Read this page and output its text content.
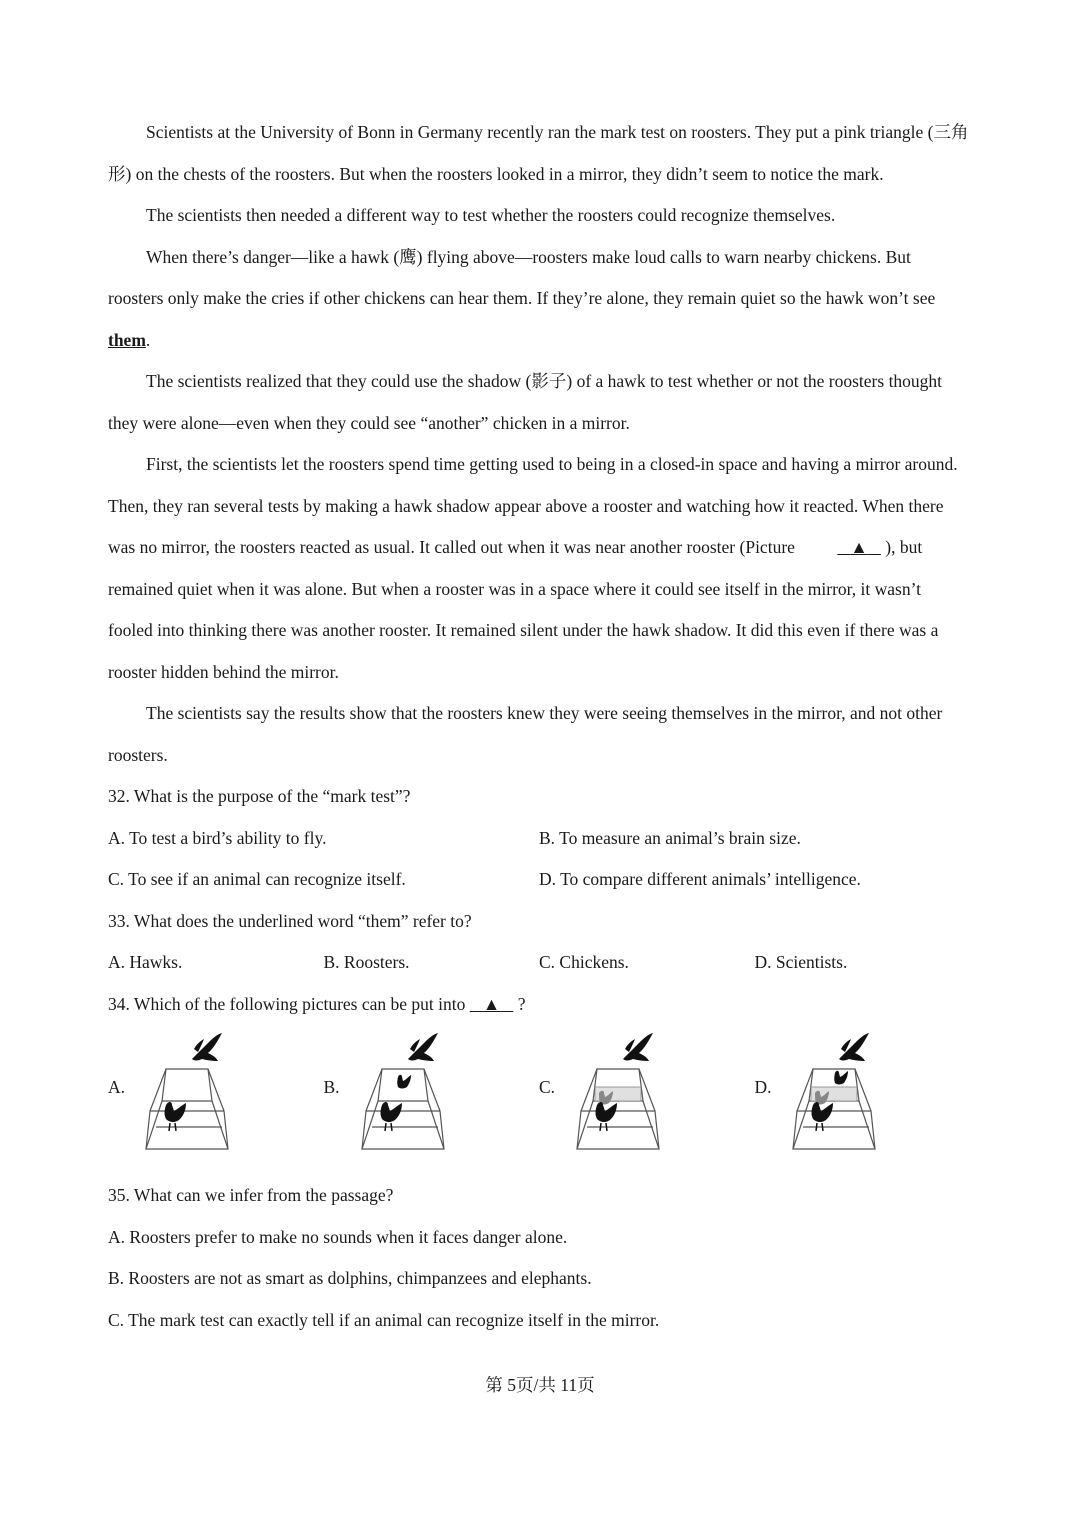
Scientists at the University of Bonn in Germany recently ran the mark test on roosters. They put a pink triangle (三角形) on the chests of the roosters. But when the roosters looked in a mirror, they didn’t seem to notice the mark.

The scientists then needed a different way to test whether the roosters could recognize themselves.

When there’s danger—like a hawk (鹰) flying above—roosters make loud calls to warn nearby chickens. But roosters only make the cries if other chickens can hear them. If they’re alone, they remain quiet so the hawk won’t see them.

The scientists realized that they could use the shadow (影子) of a hawk to test whether or not the roosters thought they were alone—even when they could see “another” chicken in a mirror.

First, the scientists let the roosters spend time getting used to being in a closed-in space and having a mirror around. Then, they ran several tests by making a hawk shadow appear above a rooster and watching how it reacted. When there was no mirror, the roosters reacted as usual. It called out when it was near another rooster (Picture	▲ ), but remained quiet when it was alone. But when a rooster was in a space where it could see itself in the mirror, it wasn’t fooled into thinking there was another rooster. It remained silent under the hawk shadow. It did this even if there was a rooster hidden behind the mirror.

The scientists say the results show that the roosters knew they were seeing themselves in the mirror, and not other roosters.

32. What is the purpose of the “mark test”?

A. To test a bird’s ability to fly.	B. To measure an animal’s brain size.
C. To see if an animal can recognize itself.	D. To compare different animals’ intelligence.

33. What does the underlined word “them” refer to?

A. Hawks.	B. Roosters.	C. Chickens.	D. Scientists.

34. Which of the following pictures can be put into    ▲    ?

A.	B.	C.	D.

35. What can we infer from the passage?

A. Roosters prefer to make no sounds when it faces danger alone.

B. Roosters are not as smart as dolphins, chimpanzees and elephants.

C. The mark test can exactly tell if an animal can recognize itself in the mirror.

第 5页/共 11页
